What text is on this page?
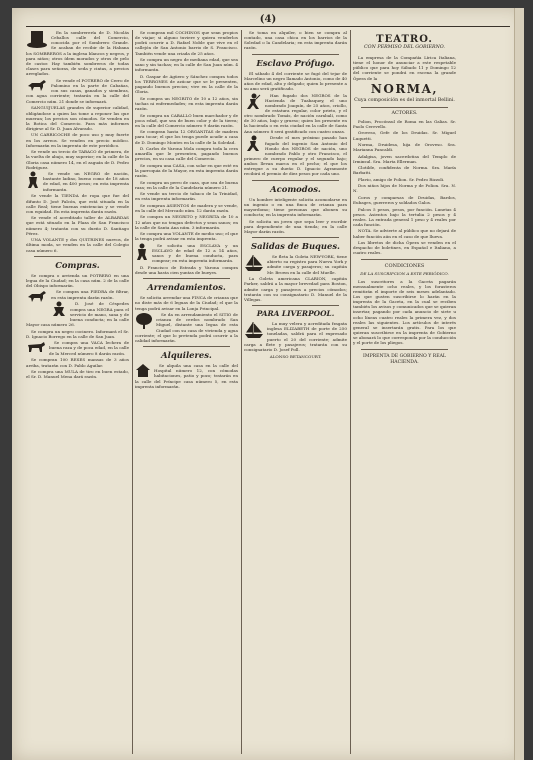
(4)

En la sombrerería de D. Nicolás Ceballos calle del Comercio, conocida por el Sombrero Grande. Se acaban de recibir de la Habana los SOMBREROS a la inglesa blancos y negros, y para niños; otros ídem morados y otros de pelo de castor. Hay también sombreros de todas clases para señoras, de seda y cintas, a precios arreglados.

Se vende el POTRERO de Cerro de Palomino en la parte de Cabañas, con sus casas, ganados y siembras, con agua corriente; tratarán en la calle del Comercio núm. 21 donde se informará.

SANGUIJUELAS grandes de superior calidad, obligándose a quien las tome a reponer las que mueran; los precios son cómodos. Se venden en la Botica del Comercio. Para más informes dirigirse al Sr. D. Juan Alvarado.

UN CARRICOCHE de poco uso y muy fuerte en los arreos. Se venden en precio módico. Informarán en la imprenta de este periódico.

Se vende un tercio de TABACO de primera, de la vuelta de abajo, muy superior; en la calle de la Gloria casa número 14, en el zaguán de D. Pedro Rodríguez.

Se vende un NEGRO de nación, bastante ladino, bueno como de 18 años de edad, en 400 pesos; en esta imprenta informarán.

Se vende la TIENDA de ropa que fue del difunto D. José Falcón, que está situada en la calle Real; tiene buenas existencias y se vende con equidad. En esta imprenta darán razón.

Se vende el acreditado taller de ALBARDAS que está situado en la Plaza de San Francisco número 4; tratarán con su dueño D. Santiago Pérez.

UNA VOLANTE y dos QUITRINES nuevos, de última moda, se venden en la calle del Colegio casa número 6.

Compras.

Se compra o arrienda un POTRERO en una legua de la Ciudad; en la casa núm. 2 de la calle del Obispo informarán.

Se compra una PIEDRA de filtrar, en esta imprenta darán razón.

D. José de Céspedes compra una NEGRA para el servicio de mano, sana y de buena conducta; en la calle Mayor casa número 26.

Se compra un negro cocinero. Informará el Sr. D. Ignacio Borrego en la calle de San Juan.

Se compra una VACA lechera de buena raza y de poca edad, en la calle de la Merced número 8 darán razón.

Se compran 100 RESES mansas de 3 años arriba, tratarán con D. Pablo Aguilar.

Se compra una MULA de tiro en buen estado, el Sr. D. Manuel Mena dará razón.

Se compran mil COCHINOS que sean propios de viajar; si alguno tuviere y quiera venderlos podrá ocurrir a D. Rafael Noble que vive en el callejón de San Antonio barrio de S. Francisco. También vende una criada de 25 años.

Se compra un negro de mediana edad, que sea sano y sin tachas; en la calle de San Juan núm. 4 informarán.

D. Gaspar de Agüero y Sánchez compra todos los TERRONES de azúcar que se le presenten, pagando buenos precios; vive en la calle de la Gloria.

Se compra un NEGRITO de 10 a 12 años, sin tachas ni enfermedades; en esta imprenta darán razón.

Se compra un CABALLO buen marchador y de poca edad, que sea de buen color y de la tierra; en la calle del Comercio número 9 darán razón.

Se compran hasta 12 ORGANITAS de madera para tocar; el que los tenga puede acudir a casa de D. Domingo Montes en la calle de la Soledad.

D. Carlos de Varona Mola compra toda la cera amarilla que le presenten, pagando buenos precios, en su casa calle del Comercio.

Se compra una CASA, con solar en que esté en la parroquia de la Mayor, en esta imprenta darán razón.

Se compra un perro de caza, que sea de buena raza; en la calle de la Candelaria número 21.

Se vende un tercio de tabaco de la Trinidad, en esta imprenta informarán.

Se compran ASIENTOS de madera y se vende, en la calle del Mercado núm. 12 darán razón.

Se compra un NEGRITO y NEGRITA de 10 a 12 años que no tengan defectos y sean sanos; en la calle de Santa Ana núm. 3 informarán.

Se compra una VOLANTE de medio uso; el que la tenga podrá avisar en esta imprenta.

Se solicita una ESCLAVA y un ESCLAVO de edad de 12 a 14 años, sanos y de buena conducta, para comprar; en esta imprenta informarán.

D. Francisco de Estrada y Varona compra desde una hasta cien yuntas de bueyes.

Arrendamientos.

Se solicita arrendar una FINCA de crianza que no diste más de 6 leguas de la Ciudad; el que la tenga podrá avisar en la Lonja Principal.

Se da en arrendamiento el SITIO de crianza de cerdos nombrado San Miguel, distante una legua de esta Ciudad con su casa de vivienda y agua corriente; el que lo pretenda podrá ocurrir a la calidad informarán.

Alquileres.

Se alquila una casa en la calle del Hospital número 12, con cómodas habitaciones, patio y pozo; tratarán en la calle del Príncipe casa número 5, en esta imprenta informarán.

Se toma en alquiler, o bien se compra al contado, una casa chica en los barrios de la Soledad o la Candelaria; en esta imprenta darán razón.

Esclavo Prófugo.

El sábado 4 del corriente se fugó del tejar de Marcelino un negro llamado Antonio, como de 40 años de edad, alto y delgado; quien lo presente a su amo será gratificado.

Han fugado dos NEGROS de la Hacienda de Tuabaquey, el uno nombrado Joaquín, de 25 años, criollo, de estatura regular, color prieto, y el otro nombrado Tomás, de nación carabalí, como de 30 años, bajo y grueso; quien los presente en la hacienda o en esta ciudad en la calle de Santa Ana número 8 será gratificado con cuatro onzas.

Desde el mes próximo pasado han fugado del ingenio San Antonio del Hondo dos NEGROS de nación, uno nombrado Pablo y otro Francisco, el primero de cuerpo regular y el segundo bajo; ambos llevan marca en el pecho; el que los entregue a su dueño D. Ignacio Agramonte recibirá el premio de diez pesos por cada uno.

Acomodos.

Un hombre inteligente solicita acomodarse en un ingenio o en una finca de crianza para mayordomo; tiene personas que abonen su conducta; en la imprenta informarán.

Se solicita un joven que sepa leer y escribir para dependiente de una tienda; en la calle Mayor darán razón.

Salidas de Buques.

Se fleta la Goleta NEW-YORK, tiene abierto su registro para Nueva York y admite carga y pasajeros; su capitán Mr. Brown en la calle del Muelle.

La Goleta americana CLARION, capitán Parker, saldrá a la mayor brevedad para Boston, admite carga y pasajeros a precios cómodos; tratarán con su consignatario D. Manuel de la Villegas.

PARA LIVERPOOL.

La muy velera y acreditada fragata inglesa ELIZABETH de porte de 250 toneladas, saldrá para el expresado puerto el 20 del corriente; admite carga a flete y pasajeros; tratarán con su consignatario D. Josef Poll.

ALONSO BETANCOURT.
TEATRO.
CON PERMISO DEL GOBIERNO.

La empresa de la Compañía Lírica Italiana, tiene el honor de anunciar a este respetable público que para hoy Sábado 11 y Domingo 12 del corriente se pondrá en escena la grande Ópera de la

NORMA,
Cuya composición es del inmortal Bellini.
ACTORES.

Polion, Procónsul de Roma en las Galias. Sr. Paolo Cerevello.

Oroveso, Gefe de los Druidas. Sr. Miguel Luquetti.

Norma, Druidesa, hija de Oroveso. Sra. Marianna Pancaldi.

Adalgisa, joven sacerdotisa del Templo de Irminsul. Sra. Marta Ellerman.

Clotilde, confidenta de Norma. Sra. María Barbatti.

Flavio, amigo de Polion. Sr. Pedro Rizzoli.

Dos niños hijos de Norma y de Polion. Sra. N. N.

Coros y comparsas de Druidas, Bardos, Eubages, guerreros y soldados Galos.

Palcos 5 pesos, pesos, por función. Lunetas 4 pesos. Asientos bajo la tertulia 2 pesos y 4 reales. La entrada general 1 peso y 4 reales por cada función.

NOTA. Se advierte al público que no dejará de haber función aún en el caso de que llueva.

Los libretos de dicha Ópera se venden en el despacho de boletines, en Español e Italiano, a cuatro reales.

CONDICIONES
DE LA SUSCRIPCION A ESTE PERIÓDICO.

Los suscritores a la Gaceta pagarán mensualmente ocho reales, y los forasteros remitirán el importe de seis meses adelantado. Los que gusten suscribirse lo harán en la imprenta de la Gaceta, en la cual se reciben también los avisos y comunicados que se quieran insertar, pagando por cada anuncio de siete u ocho líneas cuatro reales la primera vez, y dos reales las siguientes. Los artículos de interés general se insertarán gratis. Para los que quieran suscribirse en la imprenta de Gobierno se abonará lo que corresponda por la conducción y el porte de los pliegos.

IMPRENTA DE GOBIERNO Y REAL HACIENDA.
